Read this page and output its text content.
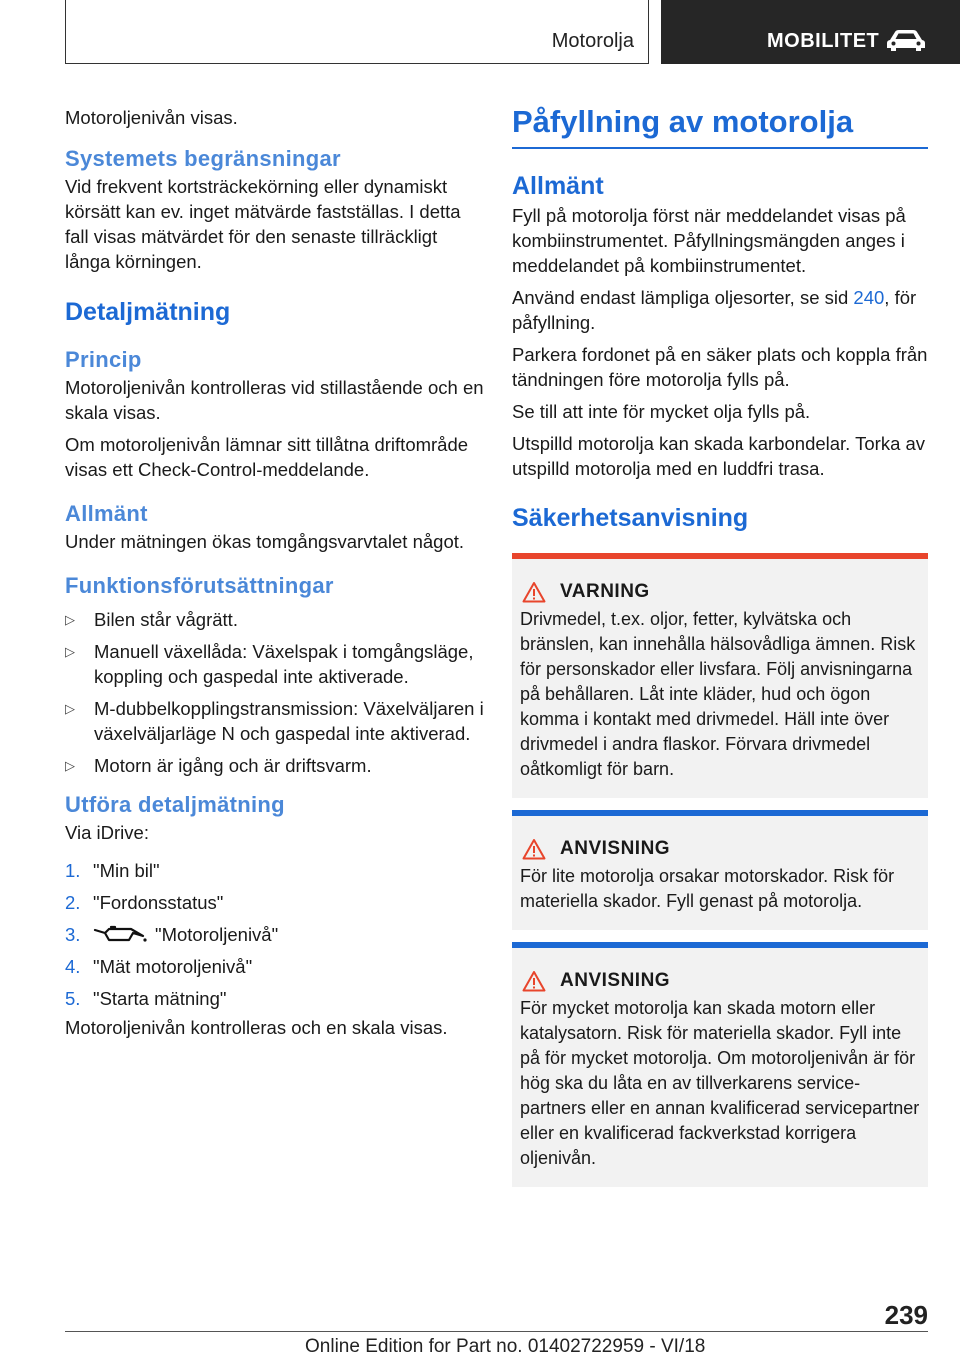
Motorolja	MOBILITET

Motoroljenivån visas.

Systemets begränsningar

Vid frekvent kortsträckekörning eller dynamiskt körsätt kan ev. inget mätvärde fastställas. I detta fall visas mätvärdet för den senaste tillräckligt långa körningen.

Detaljmätning
Princip

Motoroljenivån kontrolleras vid stillastående och en skala visas.

Om motoroljenivån lämnar sitt tillåtna driftområde visas ett Check-Control-meddelande.

Allmänt

Under mätningen ökas tomgångsvarvtalet något.

Funktionsförutsättningar
▷ Bilen står vågrätt.
▷ Manuell växellåda: Växelspak i tomgångsläge, koppling och gaspedal inte aktiverade.
▷ M-dubbelkopplingstransmission: Växelväljaren i växelväljarläge N och gaspedal inte aktiverad.
▷ Motorn är igång och är driftsvarm.
Utföra detaljmätning

Via iDrive:

1. "Min bil"
2. "Fordonsstatus"
3.	"Motoroljenivå"
4. "Mät motoroljenivå"
5. "Starta mätning"

Motoroljenivån kontrolleras och en skala visas.

Påfyllning av motorolja
Allmänt

Fyll på motorolja först när meddelandet visas på kombiinstrumentet. Påfyllningsmängden anges i meddelandet på kombiinstrumentet.

Använd endast lämpliga oljesorter, se sid 240, för påfyllning.

Parkera fordonet på en säker plats och koppla från tändningen före motorolja fylls på.

Se till att inte för mycket olja fylls på.

Utspilld motorolja kan skada karbondelar. Torka av utspilld motorolja med en luddfri trasa.

Säkerhetsanvisning
VARNING

Drivmedel, t.ex. oljor, fetter, kylvätska och bränslen, kan innehålla hälsovådliga ämnen. Risk för personskador eller livsfara. Följ anvisningarna på behållaren. Låt inte kläder, hud och ögon komma i kontakt med drivmedel. Häll inte över drivmedel i andra flaskor. Förvara drivmedel oåtkomligt för barn.

ANVISNING

För lite motorolja orsakar motorskador. Risk för materiella skador. Fyll genast på motorolja.

ANVISNING

För mycket motorolja kan skada motorn eller katalysatorn. Risk för materiella skador. Fyll inte på för mycket motorolja. Om motoroljenivån är för hög ska du låta en av tillverkarens servicepartners eller en annan kvalificerad servicepartner eller en kvalificerad fackverkstad korrigera oljenivån.

239
Online Edition for Part no. 01402722959 - VI/18
